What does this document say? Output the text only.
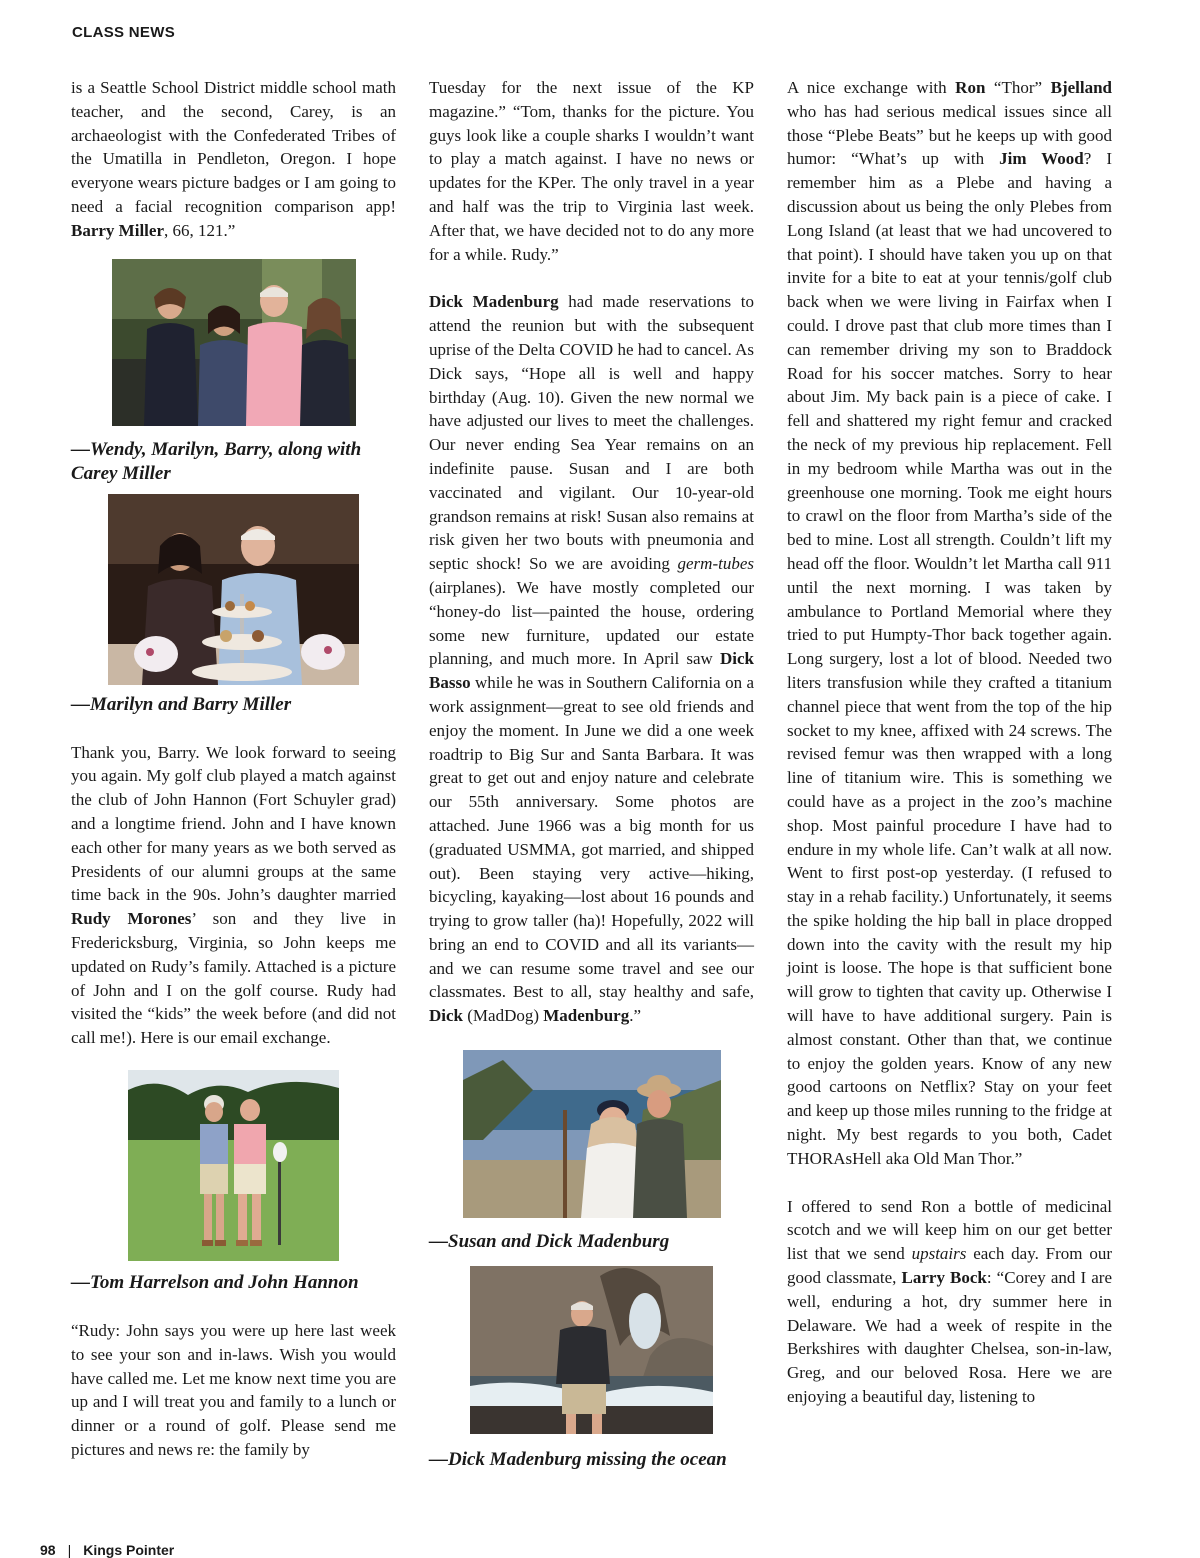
CLASS NEWS

is a Seattle School District middle school math teacher, and the second, Carey, is an archaeologist with the Confederated Tribes of the Umatilla in Pendleton, Oregon. I hope everyone wears picture badges or I am going to need a facial recognition comparison app! Barry Miller, 66, 121.”

—Wendy, Marilyn, Barry, along with Carey Miller

—Marilyn and Barry Miller

Thank you, Barry. We look forward to seeing you again. My golf club played a match against the club of John Hannon (Fort Schuyler grad) and a longtime friend. John and I have known each other for many years as we both served as Presidents of our alumni groups at the same time back in the 90s. John’s daughter married Rudy Morones’ son and they live in Fredericksburg, Virginia, so John keeps me updated on Rudy’s family. Attached is a picture of John and I on the golf course. Rudy had visited the “kids” the week before (and did not call me!). Here is our email exchange.

—Tom Harrelson and John Hannon

“Rudy: John says you were up here last week to see your son and in-laws. Wish you would have called me. Let me know next time you are up and I will treat you and family to a lunch or dinner or a round of golf. Please send me pictures and news re: the family by

Tuesday for the next issue of the KP magazine.” “Tom, thanks for the picture. You guys look like a couple sharks I wouldn’t want to play a match against. I have no news or updates for the KPer. The only travel in a year and half was the trip to Virginia last week. After that, we have decided not to do any more for a while. Rudy.”

Dick Madenburg had made reservations to attend the reunion but with the subsequent uprise of the Delta COVID he had to cancel. As Dick says, “Hope all is well and happy birthday (Aug. 10). Given the new normal we have adjusted our lives to meet the challenges. Our never ending Sea Year remains on an indefinite pause. Susan and I are both vaccinated and vigilant. Our 10-year-old grandson remains at risk! Susan also remains at risk given her two bouts with pneumonia and septic shock! So we are avoiding germ-tubes (airplanes). We have mostly completed our “honey-do list—painted the house, ordering some new furniture, updated our estate planning, and much more. In April saw Dick Basso while he was in Southern California on a work assignment—great to see old friends and enjoy the moment. In June we did a one week roadtrip to Big Sur and Santa Barbara. It was great to get out and enjoy nature and celebrate our 55th anniversary. Some photos are attached. June 1966 was a big month for us (graduated USMMA, got married, and shipped out). Been staying very active—hiking, bicycling, kayaking—lost about 16 pounds and trying to grow taller (ha)! Hopefully, 2022 will bring an end to COVID and all its variants—and we can resume some travel and see our classmates. Best to all, stay healthy and safe, Dick (MadDog) Madenburg.”

—Susan and Dick Madenburg

—Dick Madenburg missing the ocean

A nice exchange with Ron “Thor” Bjelland who has had serious medical issues since all those “Plebe Beats” but he keeps up with good humor: “What’s up with Jim Wood? I remember him as a Plebe and having a discussion about us being the only Plebes from Long Island (at least that we had uncovered to that point). I should have taken you up on that invite for a bite to eat at your tennis/golf club back when we were living in Fairfax when I could. I drove past that club more times than I can remember driving my son to Braddock Road for his soccer matches. Sorry to hear about Jim. My back pain is a piece of cake. I fell and shattered my right femur and cracked the neck of my previous hip replacement. Fell in my bedroom while Martha was out in the greenhouse one morning. Took me eight hours to crawl on the floor from Martha’s side of the bed to mine. Lost all strength. Couldn’t lift my head off the floor. Wouldn’t let Martha call 911 until the next morning. I was taken by ambulance to Portland Memorial where they tried to put Humpty-Thor back together again. Long surgery, lost a lot of blood. Needed two liters transfusion while they crafted a titanium channel piece that went from the top of the hip socket to my knee, affixed with 24 screws. The revised femur was then wrapped with a long line of titanium wire. This is something we could have as a project in the zoo’s machine shop. Most painful procedure I have had to endure in my whole life. Can’t walk at all now. Went to first post-op yesterday. (I refused to stay in a rehab facility.) Unfortunately, it seems the spike holding the hip ball in place dropped down into the cavity with the result my hip joint is loose. The hope is that sufficient bone will grow to tighten that cavity up. Otherwise I will have to have additional surgery. Pain is almost constant. Other than that, we continue to enjoy the golden years. Know of any new good cartoons on Netflix? Stay on your feet and keep up those miles running to the fridge at night. My best regards to you both, Cadet THORAsHell aka Old Man Thor.”

I offered to send Ron a bottle of medicinal scotch and we will keep him on our get better list that we send upstairs each day. From our good classmate, Larry Bock: “Corey and I are well, enduring a hot, dry summer here in Delaware. We had a week of respite in the Berkshires with daughter Chelsea, son-in-law, Greg, and our beloved Rosa. Here we are enjoying a beautiful day, listening to

98 | Kings Pointer
